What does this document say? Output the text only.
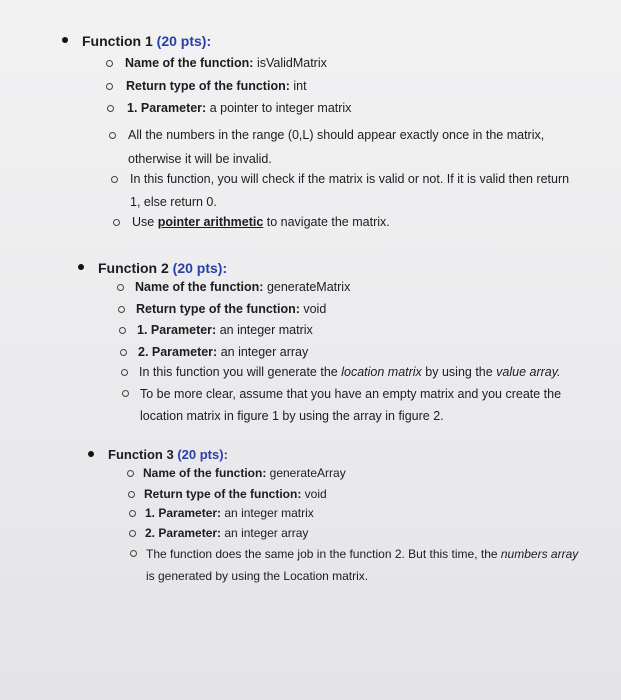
Function 1 (20 pts):
Name of the function: isValidMatrix
Return type of the function: int
1. Parameter: a pointer to integer matrix
All the numbers in the range (0,L) should appear exactly once in the matrix,
otherwise it will be invalid.
In this function, you will check if the matrix is valid or not. If it is valid then return
1, else return 0.
Use pointer arithmetic to navigate the matrix.
Function 2 (20 pts):
Name of the function: generateMatrix
Return type of the function: void
1. Parameter: an integer matrix
2. Parameter: an integer array
In this function you will generate the location matrix by using the value array.
To be more clear, assume that you have an empty matrix and you create the
location matrix in figure 1 by using the array in figure 2.
Function 3 (20 pts):
Name of the function: generateArray
Return type of the function: void
1. Parameter: an integer matrix
2. Parameter: an integer array
The function does the same job in the function 2. But this time, the numbers array
is generated by using the Location matrix.
